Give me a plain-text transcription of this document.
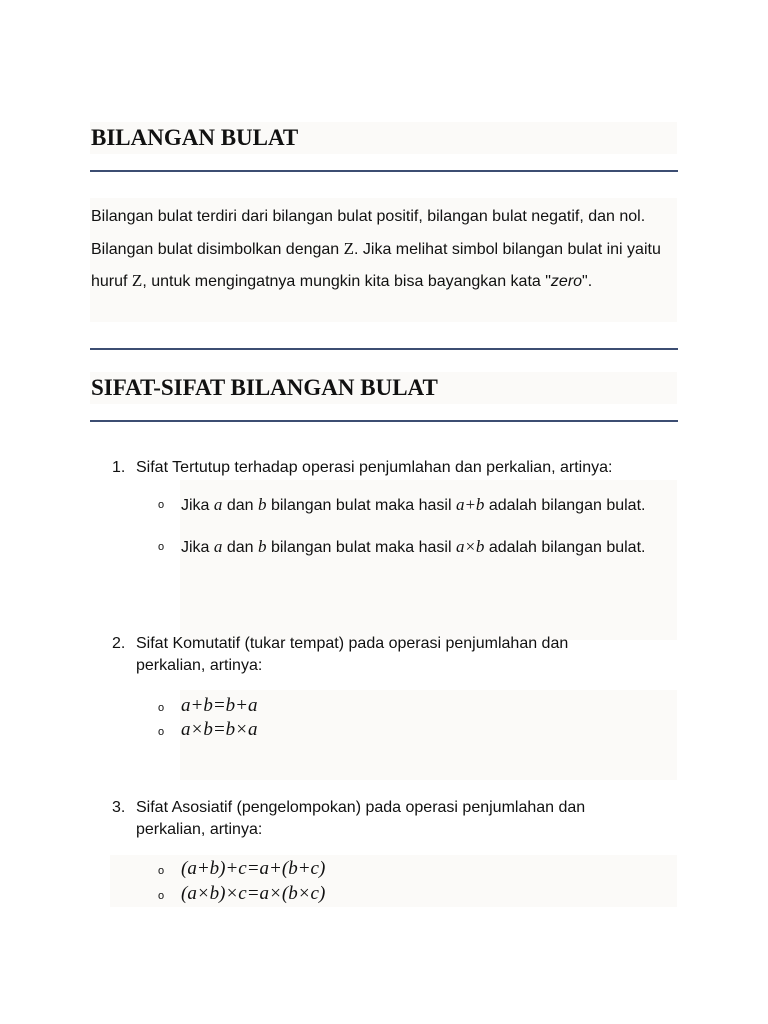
BILANGAN BULAT

Bilangan bulat terdiri dari bilangan bulat positif, bilangan bulat negatif, dan nol. Bilangan bulat disimbolkan dengan Z. Jika melihat simbol bilangan bulat ini yaitu huruf Z, untuk mengingatnya mungkin kita bisa bayangkan kata "zero".

SIFAT-SIFAT BILANGAN BULAT
1. Sifat Tertutup terhadap operasi penjumlahan dan perkalian, artinya:
o Jika a dan b bilangan bulat maka hasil a+b adalah bilangan bulat.
o Jika a dan b bilangan bulat maka hasil a×b adalah bilangan bulat.
2. Sifat Komutatif (tukar tempat) pada operasi penjumlahan dan perkalian, artinya:
o a+b=b+a
o a×b=b×a
3. Sifat Asosiatif (pengelompokan) pada operasi penjumlahan dan perkalian, artinya:
o (a+b)+c=a+(b+c)
o (a×b)×c=a×(b×c)
